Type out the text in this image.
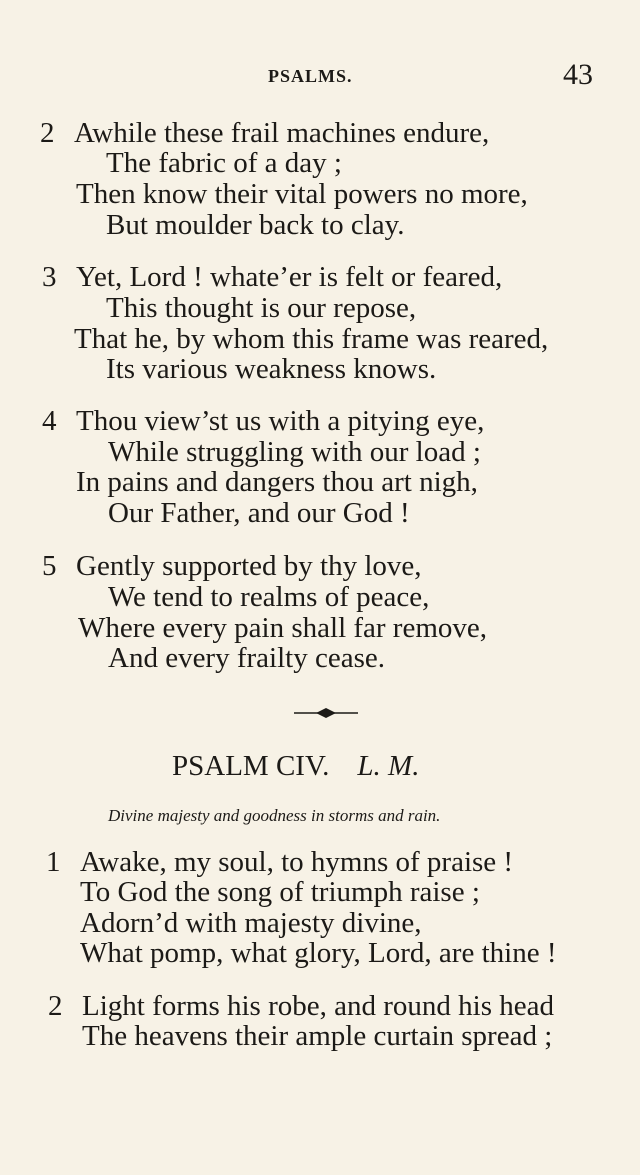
PSALMS.	43
2 Awhile these frail machines endure,
The fabric of a day ;
Then know their vital powers no more,
But moulder back to clay.
3 Yet, Lord ! whate’er is felt or feared,
This thought is our repose,
That he, by whom this frame was reared,
Its various weakness knows.
4 Thou view’st us with a pitying eye,
While struggling with our load ;
In pains and dangers thou art nigh,
Our Father, and our God !
5 Gently supported by thy love,
We tend to realms of peace,
Where every pain shall far remove,
And every frailty cease.
PSALM CIV. L. M.
Divine majesty and goodness in storms and rain.
1 Awake, my soul, to hymns of praise !
To God the song of triumph raise ;
Adorn’d with majesty divine,
What pomp, what glory, Lord, are thine !
2 Light forms his robe, and round his head
The heavens their ample curtain spread ;
